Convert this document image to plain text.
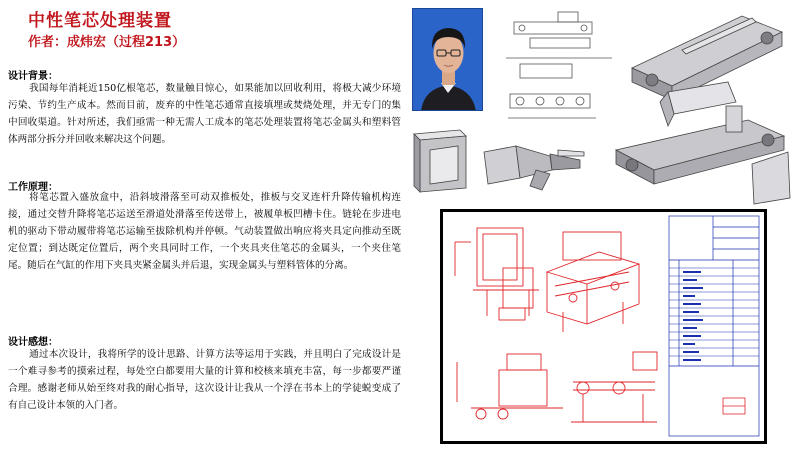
中性笔芯处理装置
作者：成炜宏（过程213）
设计背景：

我国每年消耗近150亿根笔芯，数量触目惊心，如果能加以回收利用，将极大减少环境污染、节约生产成本。然而目前，废弃的中性笔芯通常直接填埋或焚烧处理，并无专门的集中回收渠道。针对所述，我们亟需一种无需人工成本的笔芯处理装置将笔芯金属头和塑料管体两部分拆分并回收来解决这个问题。

工作原理：

将笔芯置入盛放盒中，沿斜坡滑落至可动双推板处，推板与交叉连杆升降传输机构连接，通过交替升降将笔芯运送至滑道处滑落至传送带上，被履单板凹槽卡住。链轮在步进电机的驱动下带动履带将笔芯运输至拔除机构并停顿。气动装置做出响应将夹具定向推动至既定位置；到达既定位置后，两个夹具同时工作，一个夹具夹住笔芯的金属头，一个夹住笔尾。随后在气缸的作用下夹具夹紧金属头并后退，实现金属头与塑料管体的分离。

设计感想：

通过本次设计，我将所学的设计思路、计算方法等运用于实践，并且明白了完成设计是一个难寻参考的摸索过程，每处空白都要用大量的计算和校核来填充丰富，每一步都要严谨合理。感谢老师从始至终对我的耐心指导，这次设计让我从一个浮在书本上的学徒蜕变成了有自己设计本领的入门者。
